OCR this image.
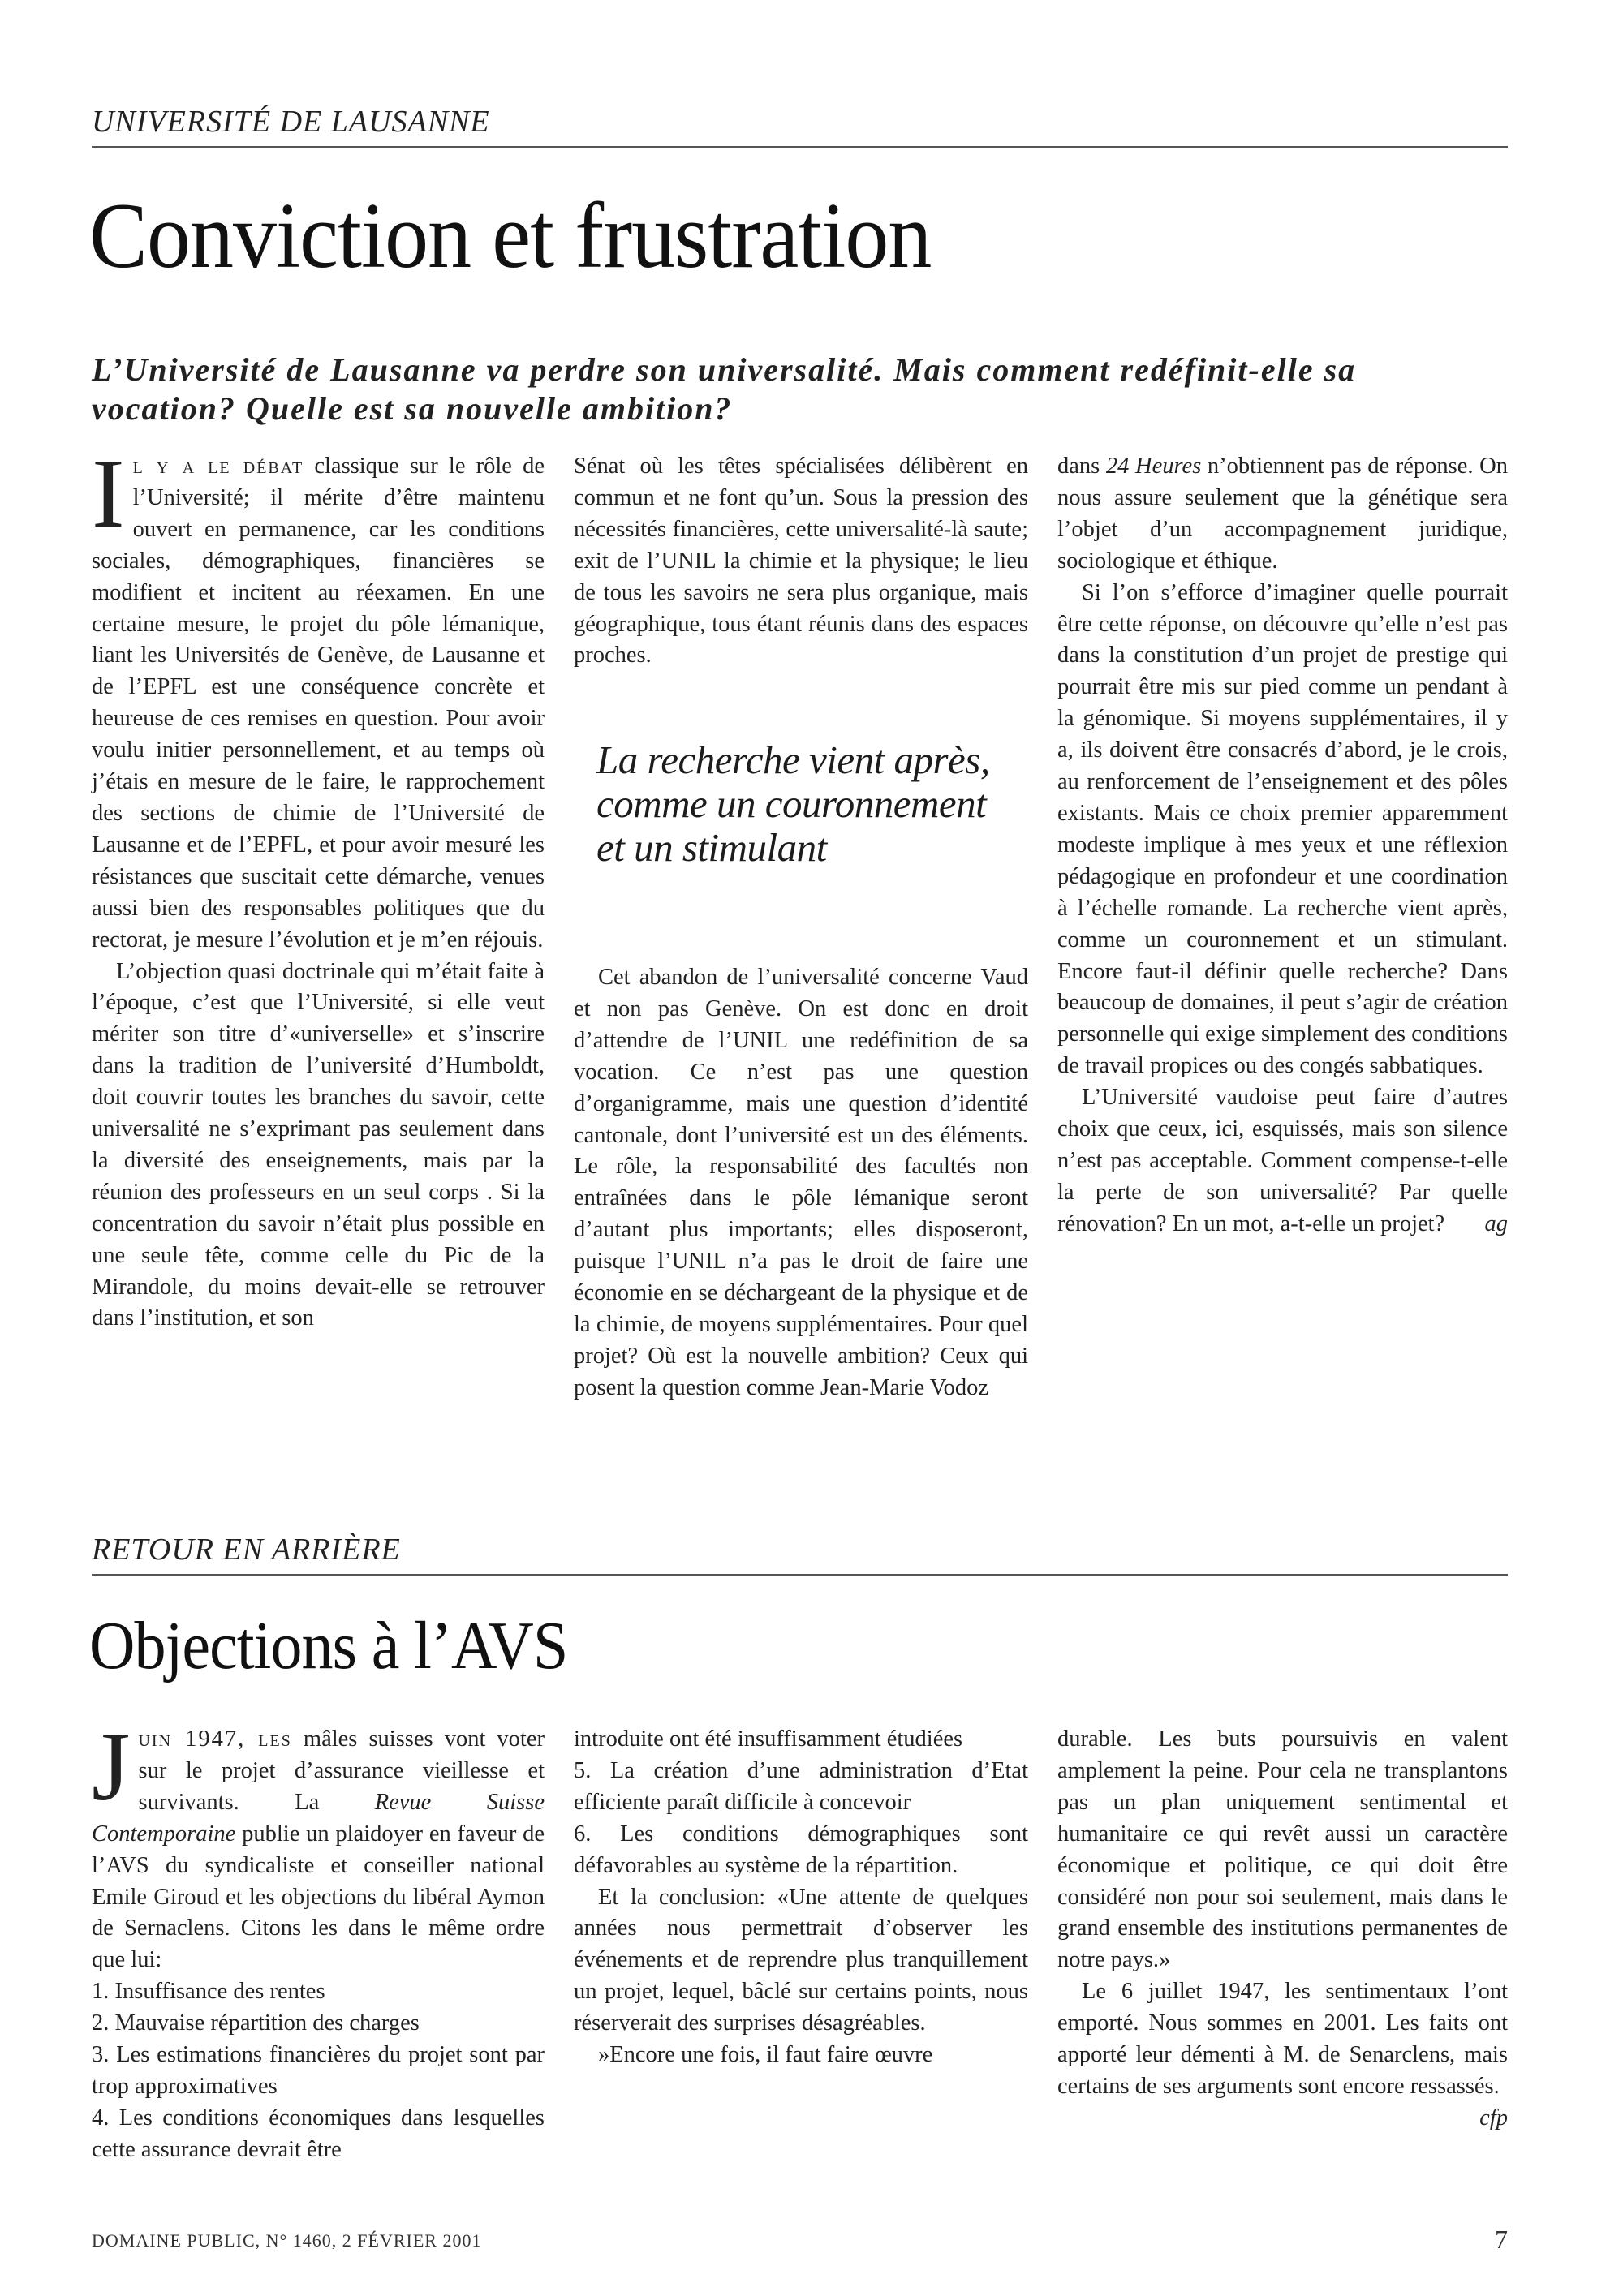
UNIVERSITÉ DE LAUSANNE
Conviction et frustration

L’Université de Lausanne va perdre son universalité. Mais comment redéfinit-elle sa vocation? Quelle est sa nouvelle ambition?

Il y a le débat classique sur le rôle de l’Université; il mérite d’être maintenu ouvert en permanence, car les conditions sociales, démographiques, financières se modifient et incitent au réexamen. En une certaine mesure, le projet du pôle lémanique, liant les Universités de Genève, de Lausanne et de l’EPFL est une conséquence concrète et heureuse de ces remises en question. Pour avoir voulu initier personnellement, et au temps où j’étais en mesure de le faire, le rapprochement des sections de chimie de l’Université de Lausanne et de l’EPFL, et pour avoir mesuré les résistances que suscitait cette démarche, venues aussi bien des responsables politiques que du rectorat, je mesure l’évolution et je m’en réjouis.

L’objection quasi doctrinale qui m’était faite à l’époque, c’est que l’Université, si elle veut mériter son titre d’«universelle» et s’inscrire dans la tradition de l’université d’Humboldt, doit couvrir toutes les branches du savoir, cette universalité ne s’exprimant pas seulement dans la diversité des enseignements, mais par la réunion des professeurs en un seul corps . Si la concentration du savoir n’était plus possible en une seule tête, comme celle du Pic de la Mirandole, du moins devait-elle se retrouver dans l’institution, et son

Sénat où les têtes spécialisées délibèrent en commun et ne font qu’un. Sous la pression des nécessités financières, cette universalité-là saute; exit de l’UNIL la chimie et la physique; le lieu de tous les savoirs ne sera plus organique, mais géographique, tous étant réunis dans des espaces proches.

La recherche vient après, comme un couronnement et un stimulant

Cet abandon de l’universalité concerne Vaud et non pas Genève. On est donc en droit d’attendre de l’UNIL une redéfinition de sa vocation. Ce n’est pas une question d’organigramme, mais une question d’identité cantonale, dont l’université est un des éléments. Le rôle, la responsabilité des facultés non entraînées dans le pôle lémanique seront d’autant plus importants; elles disposeront, puisque l’UNIL n’a pas le droit de faire une économie en se déchargeant de la physique et de la chimie, de moyens supplémentaires. Pour quel projet? Où est la nouvelle ambition? Ceux qui posent la question comme Jean-Marie Vodoz

dans 24 Heures n’obtiennent pas de réponse. On nous assure seulement que la génétique sera l’objet d’un accompagnement juridique, sociologique et éthique.

Si l’on s’efforce d’imaginer quelle pourrait être cette réponse, on découvre qu’elle n’est pas dans la constitution d’un projet de prestige qui pourrait être mis sur pied comme un pendant à la génomique. Si moyens supplémentaires, il y a, ils doivent être consacrés d’abord, je le crois, au renforcement de l’enseignement et des pôles existants. Mais ce choix premier apparemment modeste implique à mes yeux et une réflexion pédagogique en profondeur et une coordination à l’échelle romande. La recherche vient après, comme un couronnement et un stimulant. Encore faut-il définir quelle recherche? Dans beaucoup de domaines, il peut s’agir de création personnelle qui exige simplement des conditions de travail propices ou des congés sabbatiques.

L’Université vaudoise peut faire d’autres choix que ceux, ici, esquissés, mais son silence n’est pas acceptable. Comment compense-t-elle la perte de son universalité? Par quelle rénovation? En un mot, a-t-elle un projet?	ag

RETOUR EN ARRIÈRE
Objections à l’AVS

Juin 1947, les mâles suisses vont voter sur le projet d’assurance vieillesse et survivants. La Revue Suisse Contemporaine publie un plaidoyer en faveur de l’AVS du syndicaliste et conseiller national Emile Giroud et les objections du libéral Aymon de Sernaclens. Citons les dans le même ordre que lui:

1. Insuffisance des rentes

2. Mauvaise répartition des charges

3. Les estimations financières du projet sont par trop approximatives

4. Les conditions économiques dans lesquelles cette assurance devrait être

introduite ont été insuffisamment étudiées

5. La création d’une administration d’Etat efficiente paraît difficile à concevoir

6. Les conditions démographiques sont défavorables au système de la répartition.

Et la conclusion: «Une attente de quelques années nous permettrait d’observer les événements et de reprendre plus tranquillement un projet, lequel, bâclé sur certains points, nous réserverait des surprises désagréables.

»Encore une fois, il faut faire œuvre

durable. Les buts poursuivis en valent amplement la peine. Pour cela ne transplantons pas un plan uniquement sentimental et humanitaire ce qui revêt aussi un caractère économique et politique, ce qui doit être considéré non pour soi seulement, mais dans le grand ensemble des institutions permanentes de notre pays.»

Le 6 juillet 1947, les sentimentaux l’ont emporté. Nous sommes en 2001. Les faits ont apporté leur démenti à M. de Senarclens, mais certains de ses arguments sont encore ressassés.
cfp

DOMAINE PUBLIC, N° 1460, 2 FÉVRIER 2001	7
